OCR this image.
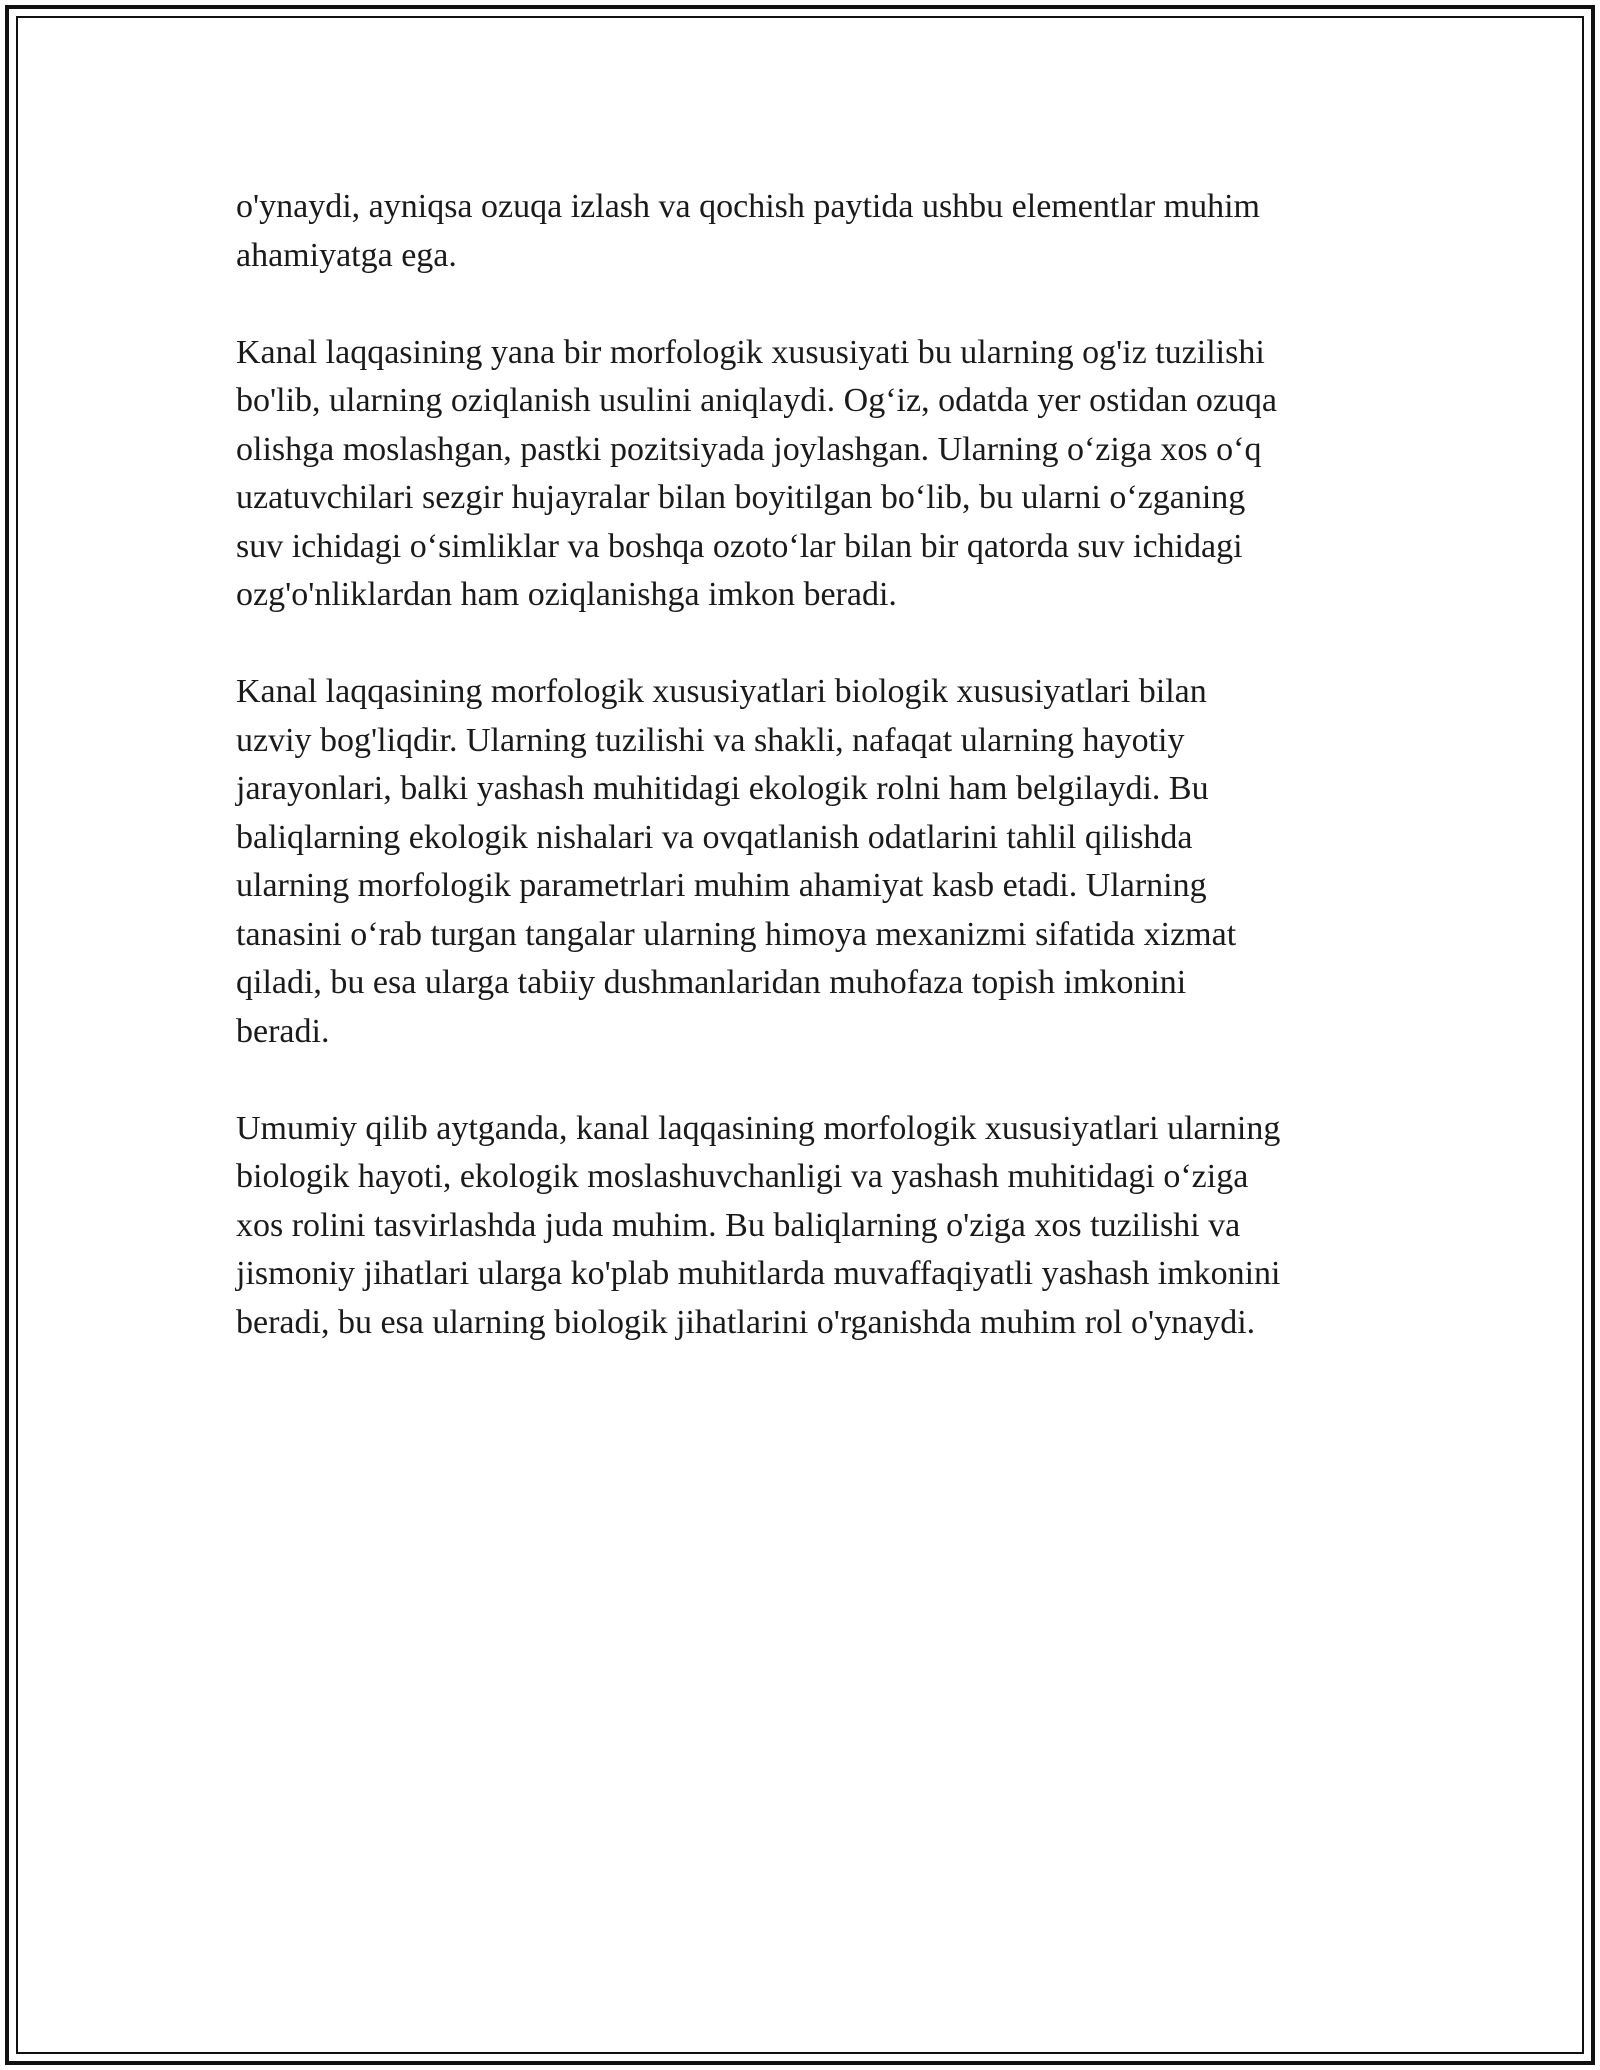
o'ynaydi, ayniqsa ozuqa izlash va qochish paytida ushbu elementlar muhim
ahamiyatga ega.

Kanal laqqasining yana bir morfologik xususiyati bu ularning og'iz tuzilishi
bo'lib, ularning oziqlanish usulini aniqlaydi. Og‘iz, odatda yer ostidan ozuqa
olishga moslashgan, pastki pozitsiyada joylashgan. Ularning o‘ziga xos o‘q
uzatuvchilari sezgir hujayralar bilan boyitilgan bo‘lib, bu ularni o‘zganing
suv ichidagi o‘simliklar va boshqa ozoto‘lar bilan bir qatorda suv ichidagi
ozg'o'nliklardan ham oziqlanishga imkon beradi.

Kanal laqqasining morfologik xususiyatlari biologik xususiyatlari bilan
uzviy bog'liqdir. Ularning tuzilishi va shakli, nafaqat ularning hayotiy
jarayonlari, balki yashash muhitidagi ekologik rolni ham belgilaydi. Bu
baliqlarning ekologik nishalari va ovqatlanish odatlarini tahlil qilishda
ularning morfologik parametrlari muhim ahamiyat kasb etadi. Ularning
tanasini o‘rab turgan tangalar ularning himoya mexanizmi sifatida xizmat
qiladi, bu esa ularga tabiiy dushmanlaridan muhofaza topish imkonini
beradi.

Umumiy qilib aytganda, kanal laqqasining morfologik xususiyatlari ularning
biologik hayoti, ekologik moslashuvchanligi va yashash muhitidagi o‘ziga
xos rolini tasvirlashda juda muhim. Bu baliqlarning o'ziga xos tuzilishi va
jismoniy jihatlari ularga ko'plab muhitlarda muvaffaqiyatli yashash imkonini
beradi, bu esa ularning biologik jihatlarini o'rganishda muhim rol o'ynaydi.
